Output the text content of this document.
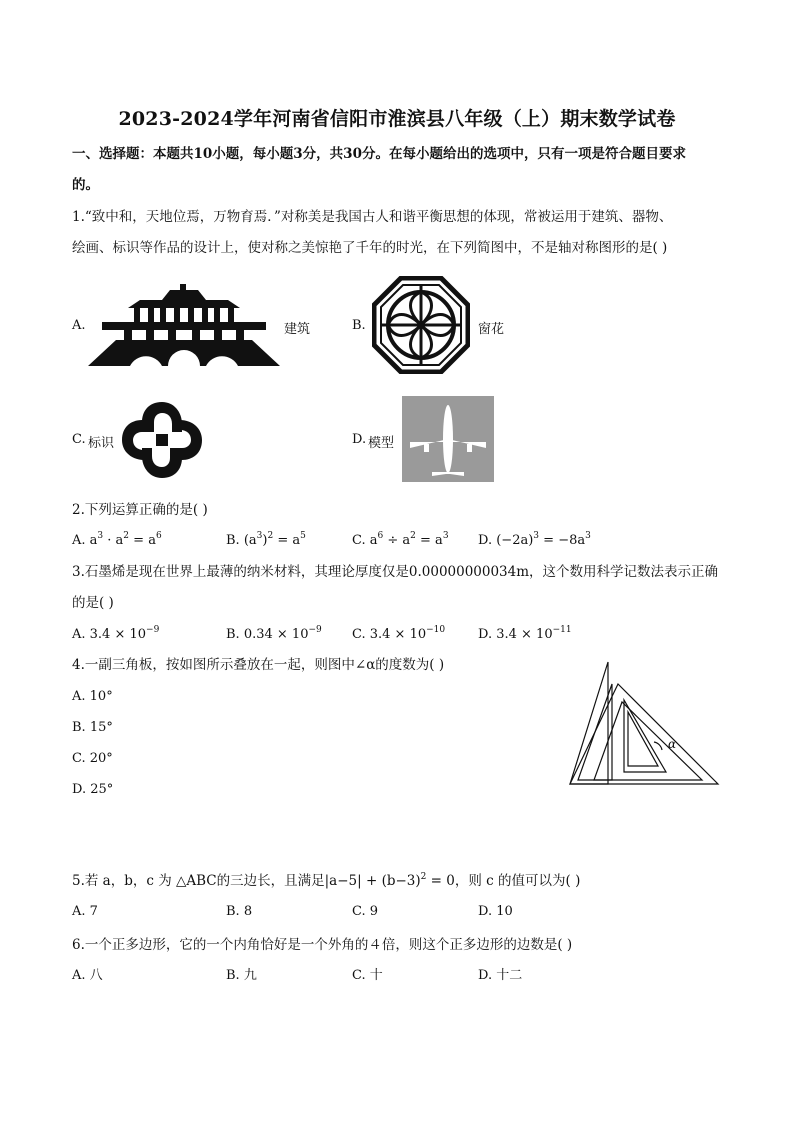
2023-2024学年河南省信阳市淮滨县八年级（上）期末数学试卷
一、选择题：本题共10小题，每小题3分，共30分。在每小题给出的选项中，只有一项是符合题目要求
的。
1.“致中和，天地位焉，万物育焉．”对称美是我国古人和谐平衡思想的体现，常被运用于建筑、器物、
绘画、标识等作品的设计上，使对称之美惊艳了千年的时光，在下列简图中，不是轴对称图形的是( )
A.	建筑	B.	窗花
C. 标识	D. 模型
2.下列运算正确的是( )
A. $a^3 \cdot a^2 = a^6$	B. $(a^3)^2 = a^5$	C. $a^6 \div a^2 = a^3$ D. $(-2a)^3 = -8a^3$
3.石墨烯是现在世界上最薄的纳米材料，其理论厚度仅是0.00000000034m，这个数用科学记数法表示正确
的是( )
A. $3.4 \times 10^{-9}$	B. $0.34 \times 10^{-9}$ C. $3.4 \times 10^{-10}$	D. $3.4 \times 10^{-11}$
4.一副三角板，按如图所示叠放在一起，则图中∠α的度数为( )
A. 10°
B. 15°
C. 20°
D. 25°
α
5.若 a，b，c 为 △ABC的三边长，且满足$|a-5| + (b-3)^2 = 0$，则 c 的值可以为( )
A. 7	B. 8	C. 9	D. 10
6.一个正多边形，它的一个内角恰好是一个外角的４倍，则这个正多边形的边数是( )
A. 八	B. 九	C. 十	D. 十二
